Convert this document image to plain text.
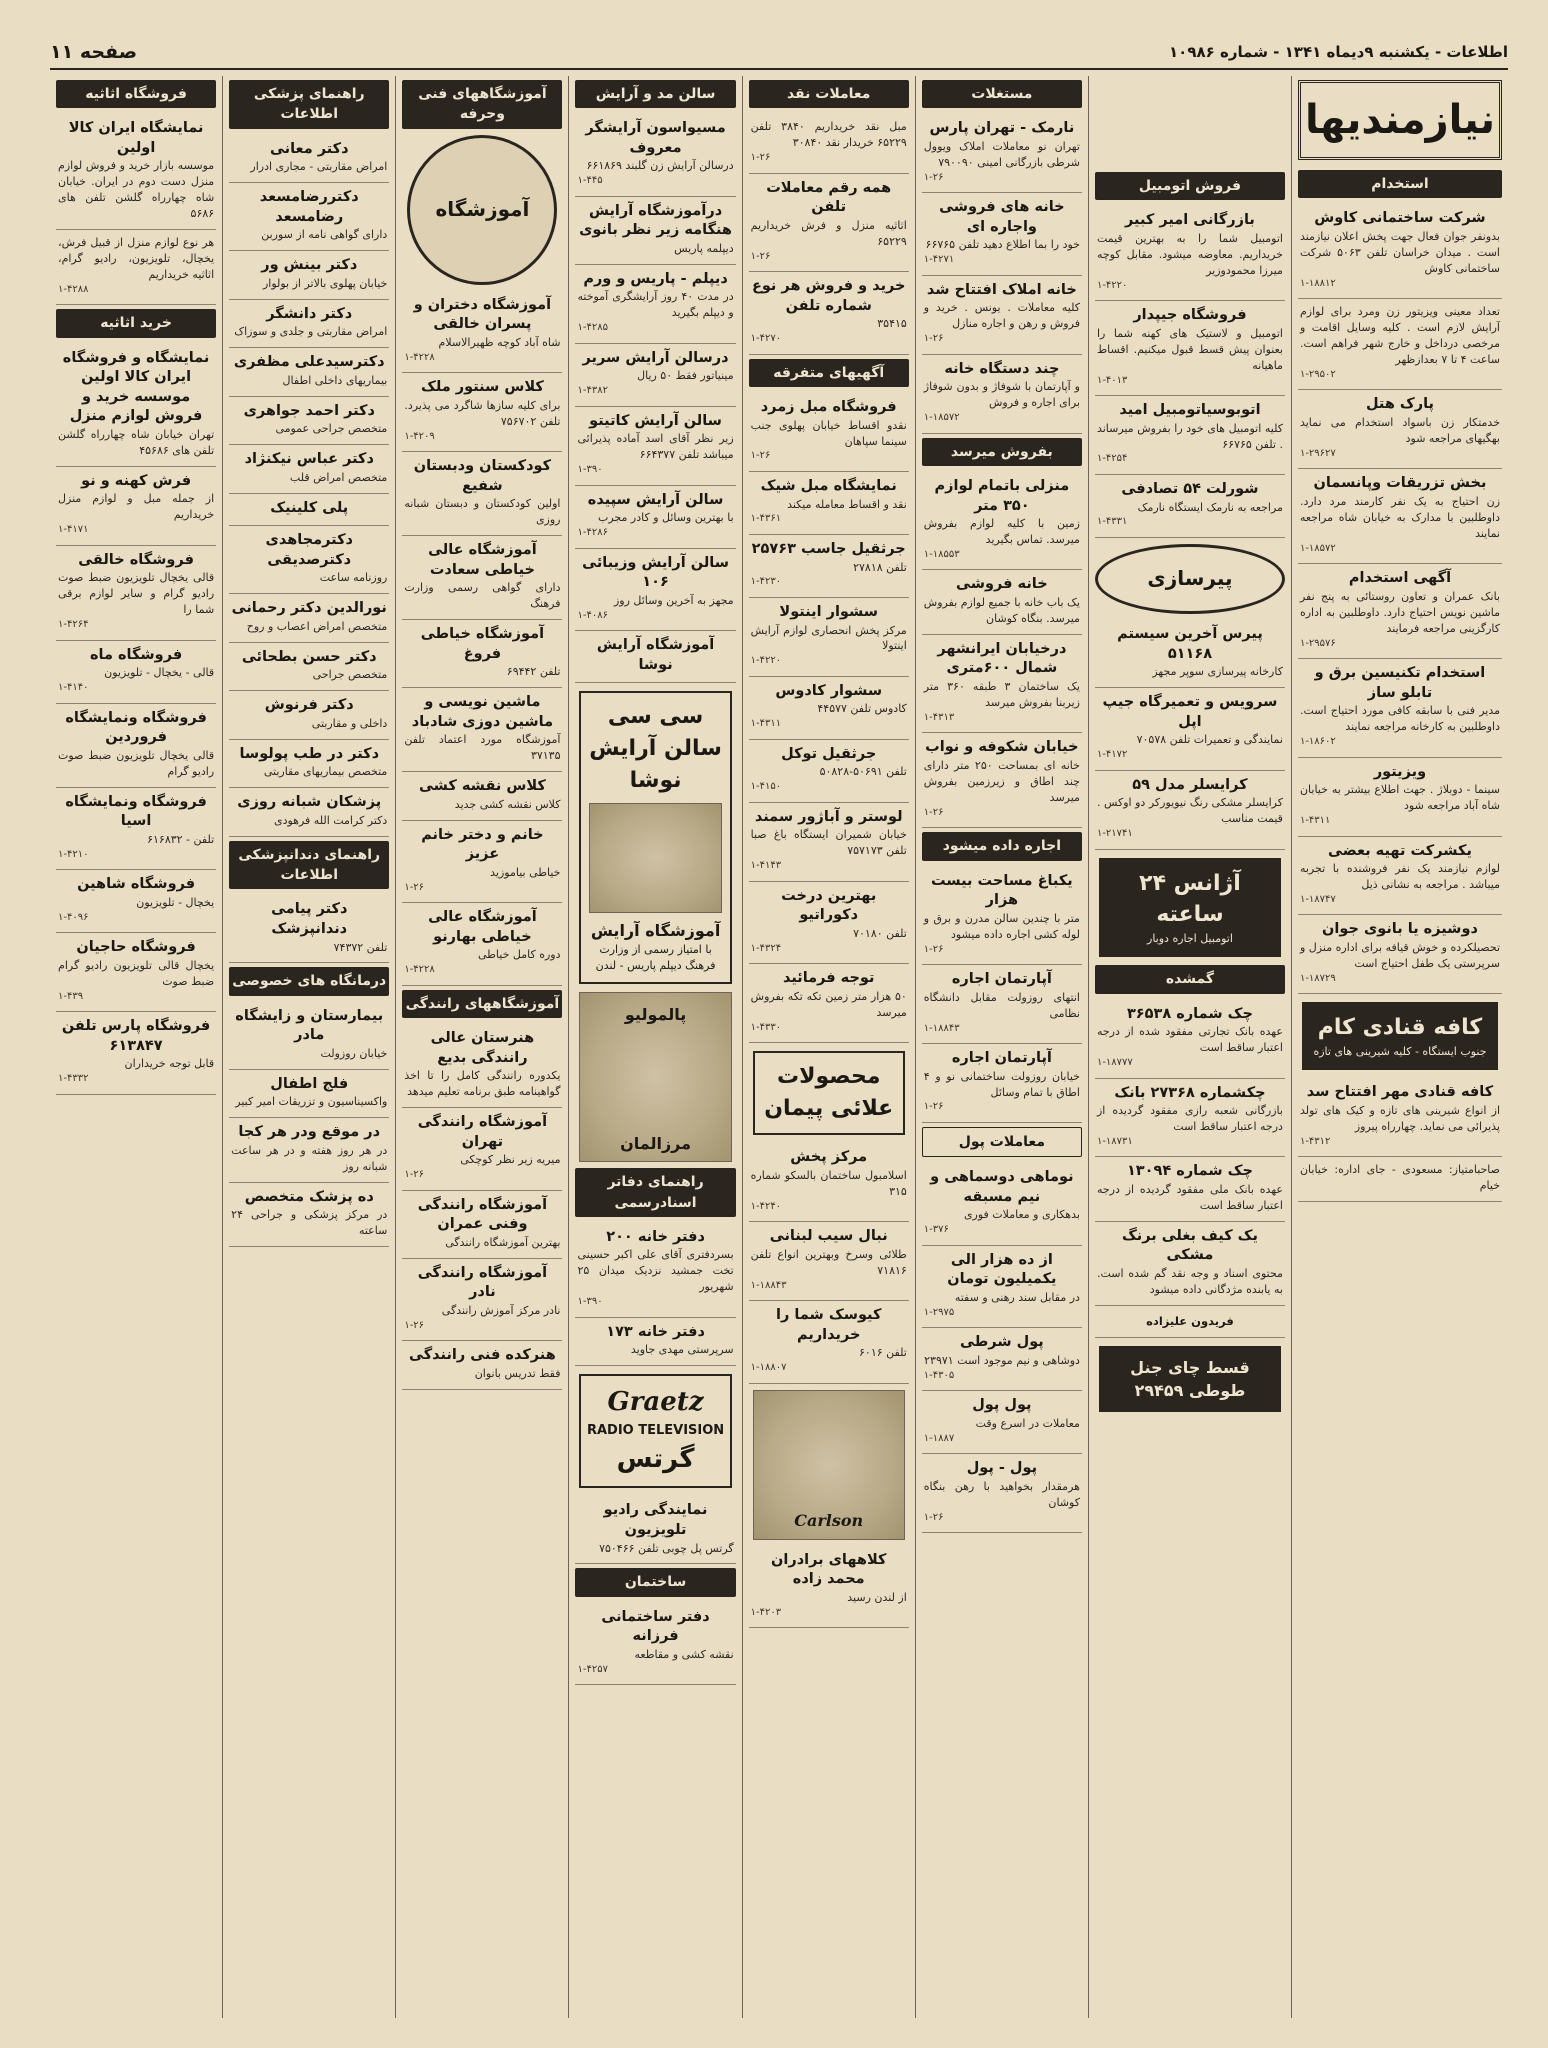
اطلاعات - یکشنبه ۹دیماه ۱۳۴۱ - شماره ۱۰۹۸۶
صفحه ۱۱
نیازمندیها
استخدام
شرکت ساختمانی کاوش
بدونفر جوان فعال جهت پخش اعلان نیازمند است . میدان خراسان تلفن ۵۰۶۳ شرکت ساختمانی کاوش
۱-۱۸۸۱۲
تعداد معینی ویزیتور زن ومرد برای لوازم آرایش لازم است . کلیه وسایل اقامت و مرخصی درداخل و خارج شهر فراهم است. ساعت ۴ تا ۷ بعدازظهر
۱-۲۹۵۰۲
پارک هتل
خدمتکار زن باسواد استخدام می نماید بهگیهای مراجعه شود
۱-۲۹۶۲۷
بخش تزریقات وپانسمان
زن احتیاج به یک نفر کارمند مرد دارد. داوطلبین با مدارک به خیابان شاه مراجعه نمایند
۱-۱۸۵۷۲
آگهی استخدام
بانک عمران و تعاون روستائی به پنج نفر ماشین نویس احتیاج دارد. داوطلبین به اداره کارگزینی مراجعه فرمایند
۱-۲۹۵۷۶
استخدام تکنیسین برق و تابلو ساز
مدیر فنی با سابقه کافی مورد احتیاج است. داوطلبین به کارخانه مراجعه نمایند
۱-۱۸۶۰۲
ویزیتور
سینما - دوبلاژ . جهت اطلاع بیشتر به خیابان شاه آباد مراجعه شود
۱-۴۳۱۱
یکشرکت تهیه بعضی
لوازم نیازمند یک نفر فروشنده با تجربه میباشد . مراجعه به نشانی ذیل
۱-۱۸۷۴۷
دوشیزه یا بانوی جوان
تحصیلکرده و خوش قیافه برای اداره منزل و سرپرستی یک طفل احتیاج است
۱-۱۸۷۲۹
کافه قنادی کام
جنوب ایستگاه - کلیه شیرینی های تازه
کافه قنادی مهر افتتاح سد
از انواع شیرینی های تازه و کیک های تولد پذیرائی می نماید. چهارراه پیروز
۱-۴۳۱۲
صاحبامتیاز: مسعودی - جای اداره: خیابان خیام
فروش اتومبیل
بازرگانی امیر کبیر
اتومبیل شما را به بهترین قیمت خریداریم. معاوضه میشود. مقابل کوچه میرزا محمودوزیر
۱-۴۲۲۰
فروشگاه جیپدار
اتومبیل و لاستیک های کهنه شما را بعنوان پیش قسط قبول میکنیم. اقساط ماهیانه
۱-۴۰۱۳
اتوبوسیاتومبیل امید
کلیه اتومبیل های خود را بفروش میرساند . تلفن ۶۶۷۶۵
۱-۴۲۵۴
شورلت ۵۴ تصادفی
مراجعه به نارمک ایستگاه نارمک
۱-۴۳۳۱
پیرسازی
پیرس آخرین سیستم ۵۱۱۶۸
کارخانه پیرسازی سوپر مجهز
سرویس و تعمیرگاه جیپ اپل
نمایندگی و تعمیرات تلفن ۷۰۵۷۸
۱-۴۱۷۲
کرایسلر مدل ۵۹
کرایسلر مشکی رنگ نیویورکر دو اوکس . قیمت مناسب
۱-۲۱۷۴۱
آژانس ۲۴ ساعته
اتومبیل اجاره دوبار
گمشده
چک شماره ۳۶۵۳۸
عهده بانک تجارتی مفقود شده از درجه اعتبار ساقط است
۱-۱۸۷۷۷
چکشماره ۲۷۳۶۸ بانک
بازرگانی شعبه رازی مفقود گردیده از درجه اعتبار ساقط است
۱-۱۸۷۳۱
چک شماره ۱۳۰۹۴
عهده بانک ملی مفقود گردیده از درجه اعتبار ساقط است
یک کیف بغلی برنگ مشکی
محتوی اسناد و وجه نقد گم شده است. به یابنده مژدگانی داده میشود
فریدون علیزاده
قسط چای جنل طوطی ۲۹۴۵۹
مستغلات
نارمک - تهران پارس
تهران نو معاملات املاک ویوول شرطی بازرگانی امینی ۷۹۰۰۹۰
۱-۲۶
خانه های فروشی واجاره ای
خود را بما اطلاع دهید تلفن ۶۶۷۶۵
۱-۴۲۷۱
خانه املاک افتتاح شد
کلیه معاملات . یونس . خرید و فروش و رهن و اجاره منازل
۱-۲۶
چند دستگاه خانه
و آپارتمان با شوفاژ و بدون شوفاژ برای اجاره و فروش
۱-۱۸۵۷۲
بفروش میرسد
منزلی باتمام لوازم ۳۵۰ متر
زمین با کلیه لوازم بفروش میرسد. تماس بگیرید
۱-۱۸۵۵۳
خانه فروشی
یک باب خانه با جمیع لوازم بفروش میرسد. بنگاه کوشان
درخیابان ایرانشهر شمال ۶۰۰متری
یک ساختمان ۳ طبقه ۳۶۰ متر زیربنا بفروش میرسد
۱-۴۳۱۳
خیابان شکوفه و نواب
خانه ای بمساحت ۲۵۰ متر دارای چند اطاق و زیرزمین بفروش میرسد
۱-۲۶
اجاره داده میشود
یکباغ مساحت بیست هزار
متر با چندین سالن مدرن و برق و لوله کشی اجاره داده میشود
۱-۲۶
آپارتمان اجاره
انتهای روزولت مقابل دانشگاه نظامی
۱-۱۸۸۴۳
آپارتمان اجاره
خیابان روزولت ساختمانی نو و ۴ اطاق با تمام وسائل
۱-۲۶
معاملات پول
نوماهی دوسماهی و نیم مسبقه
بدهکاری و معاملات فوری
۱-۳۷۶
از ده هزار الی یکمیلیون تومان
در مقابل سند رهنی و سفته
۱-۲۹۷۵
پول شرطی
دوشاهی و نیم موجود است ۲۳۹۷۱
۱-۴۳۰۵
پول پول
معاملات در اسرع وقت
۱-۱۸۸۷
پول - پول
هرمقدار بخواهید با رهن بنگاه کوشان
۱-۲۶
معاملات نقد
مبل نقد خریداریم ۳۸۴۰ تلفن ۶۵۲۲۹ خریدار نقد ۳۰۸۴۰
۱-۲۶
همه رقم معاملات تلفن
اثاثیه منزل و فرش خریداریم ۶۵۲۲۹
۱-۲۶
خرید و فروش هر نوع شماره تلفن
۳۵۴۱۵
۱-۴۲۷۰
آگهیهای متفرقه
فروشگاه مبل زمرد
نقدو اقساط خیابان پهلوی جنب سینما سپاهان
۱-۲۶
نمایشگاه مبل شیک
نقد و اقساط معامله میکند
۱-۴۳۶۱
جرثقیل جاسب ۲۵۷۶۳
تلفن ۲۷۸۱۸
۱-۴۲۳۰
سشوار اینتولا
مرکز پخش انحصاری لوازم آرایش اینتولا
۱-۴۲۲۰
سشوار کادوس
کادوس تلفن ۴۴۵۷۷
۱-۴۳۱۱
جرثقیل توکل
تلفن ۵۰۶۹۱-۵۰۸۲۸
۱-۴۱۵۰
لوستر و آباژور سمند
خیابان شمیران ایستگاه باغ صبا تلفن ۷۵۷۱۷۳
۱-۴۱۴۳
بهترین درخت دکوراتیو
تلفن ۷۰۱۸۰
۱-۴۳۲۴
توجه فرمائید
۵۰ هزار متر زمین تکه تکه بفروش میرسد
۱-۴۳۳۰
محصولات علائی پیمان
مرکز پخش
اسلامبول ساختمان بالسکو شماره ۳۱۵
۱-۴۲۴۰
نبال سیب لبنانی
طلائی وسرخ وبهترین انواع تلفن ۷۱۸۱۶
۱-۱۸۸۴۳
کیوسک شما را خریداریم
تلفن ۶۰۱۶
۱-۱۸۸۰۷
Carlson
کلاههای برادران محمد زاده
از لندن رسید
۱-۴۲۰۳
سالن مد و آرایش
مسیواسون آرایشگر معروف
درسالن آرایش زن گلبند ۶۶۱۸۶۹
۱-۴۴۵
درآموزشگاه آرایش هنگامه زیر نظر بانوی
دیپلمه پاریس
دیپلم - پاریس و ورم
در مدت ۴۰ روز آرایشگری آموخته و دیپلم بگیرید
۱-۴۲۸۵
درسالن آرایش سریر
مینیاتور فقط ۵۰ ریال
۱-۴۳۸۲
سالن آرایش کاتیتو
زیر نظر آقای اسد آماده پذیرائی میباشد تلفن ۶۶۴۳۷۷
۱-۳۹۰
سالن آرایش سپیده
با بهترین وسائل و کادر مجرب
۱-۴۲۸۶
سالن آرایش وزیبائی ۱۰۶
مجهز به آخرین وسائل روز
۱-۴۰۸۶
آموزشگاه آرایش نوشا
سی سی سالن آرایش نوشا
آموزشگاه آرایش
با امتیاز رسمی از وزارت فرهنگ دیپلم پاریس - لندن
پالمولیو
مرزالمان
راهنمای دفاتر اسنادرسمی
دفتر خانه ۲۰۰
بسردفتری آقای علی اکبر حسینی تخت جمشید نزدیک میدان ۲۵ شهریور
۱-۳۹۰
دفتر خانه ۱۷۳
سرپرستی مهدی جاوید
Graetz
RADIO TELEVISION
گرتس
نمایندگی رادیو تلویزیون
گرتس پل چوبی تلفن ۷۵۰۴۶۶
ساختمان
دفتر ساختمانی فرزانه
نقشه کشی و مقاطعه
۱-۴۲۵۷
آموزشگاههای فنی وحرفه
آموزشگاه
آموزشگاه دختران و پسران خالقی
شاه آباد کوچه ظهیرالاسلام
۱-۴۲۲۸
کلاس سنتور ملک
برای کلیه سازها شاگرد می پذیرد. تلفن ۷۵۶۷۰۲
۱-۴۲۰۹
کودکستان ودبستان شفیع
اولین کودکستان و دبستان شبانه روزی
آموزشگاه عالی خیاطی سعادت
دارای گواهی رسمی وزارت فرهنگ
آموزشگاه خیاطی فروغ
تلفن ۶۹۴۴۲
ماشین نویسی و ماشین دوزی شادباد
آموزشگاه مورد اعتماد تلفن ۳۷۱۳۵
کلاس نقشه کشی
کلاس نقشه کشی جدید
خانم و دختر خانم عزیز
خیاطی بیاموزید
۱-۲۶
آموزشگاه عالی خیاطی بهارنو
دوره کامل خیاطی
۱-۴۲۲۸
آموزشگاههای رانندگی
هنرستان عالی رانندگی بدیع
یکدوره رانندگی کامل را تا اخذ گواهینامه طبق برنامه تعلیم میدهد
آموزشگاه رانندگی تهران
میریه زیر نظر کوچکی
۱-۲۶
آموزشگاه رانندگی وفنی عمران
بهترین آموزشگاه رانندگی
آموزشگاه رانندگی نادر
نادر مرکز آموزش رانندگی
۱-۲۶
هنرکده فنی رانندگی
فقط تدریس بانوان
راهنمای پزشکی اطلاعات
دکتر معانی
امراض مقاربتی - مجاری ادرار
دکتررضامسعد رضامسعد
دارای گواهی نامه از سوربن
دکتر بینش ور
خیابان پهلوی بالاتر از بولوار
دکتر دانشگر
امراض مقاربتی و جلدی و سوزاک
دکترسیدعلی مظفری
بیماریهای داخلی اطفال
دکتر احمد جواهری
متخصص جراحی عمومی
دکتر عباس نیکنژاد
متخصص امراض قلب
پلی کلینیک
دکترمجاهدی دکترصدیقی
روزنامه ساعت
نورالدین دکتر رحمانی
متخصص امراض اعصاب و روح
دکتر حسن بطحائی
متخصص جراحی
دکتر فرنوش
داخلی و مقاربتی
دکتر در طب پولوسا
متخصص بیماریهای مقاربتی
پزشکان شبانه روزی
دکتر کرامت الله فرهودی
راهنمای دندانپزشکی اطلاعات
دکتر پیامی دندانپزشک
تلفن ۷۴۳۷۲
درمانگاه های خصوصی
بیمارستان و زایشگاه مادر
خیابان روزولت
فلج اطفال
واکسیناسیون و تزریقات امیر کبیر
در موقع ودر هر کجا
در هر روز هفته و در هر ساعت شبانه روز
ده پزشک متخصص
در مرکز پزشکی و جراحی ۲۴ ساعته
فروشگاه اثاثیه
نمایشگاه ایران کالا اولین
موسسه بازار خرید و فروش لوازم منزل دست دوم در ایران. خیابان شاه چهارراه گلشن تلفن های ۵۶۸۶
هر نوع لوازم منزل از قبیل فرش، یخچال، تلویزیون، رادیو گرام، اثاثیه خریداریم
۱-۴۲۸۸
خرید اثاثیه
نمایشگاه و فروشگاه ایران کالا اولین موسسه خرید و فروش لوازم منزل
تهران خیابان شاه چهارراه گلشن تلفن های ۴۵۶۸۶
فرش کهنه و نو
از جمله مبل و لوازم منزل خریداریم
۱-۴۱۷۱
فروشگاه خالقی
قالی یخچال تلویزیون ضبط صوت رادیو گرام و سایر لوازم برقی شما را
۱-۴۲۶۴
فروشگاه ماه
قالی - یخچال - تلویزیون
۱-۴۱۴۰
فروشگاه ونمایشگاه فروردین
قالی یخچال تلویزیون ضبط صوت رادیو گرام
فروشگاه ونمایشگاه اسیا
تلفن - ۶۱۶۸۳۲
۱-۴۲۱۰
فروشگاه شاهین
یخچال - تلویزیون
۱-۴۰۹۶
فروشگاه حاجیان
یخچال قالی تلویزیون رادیو گرام ضبط صوت
۱-۴۳۹
فروشگاه پارس تلفن ۶۱۳۸۴۷
قابل توجه خریداران
۱-۴۳۳۲
